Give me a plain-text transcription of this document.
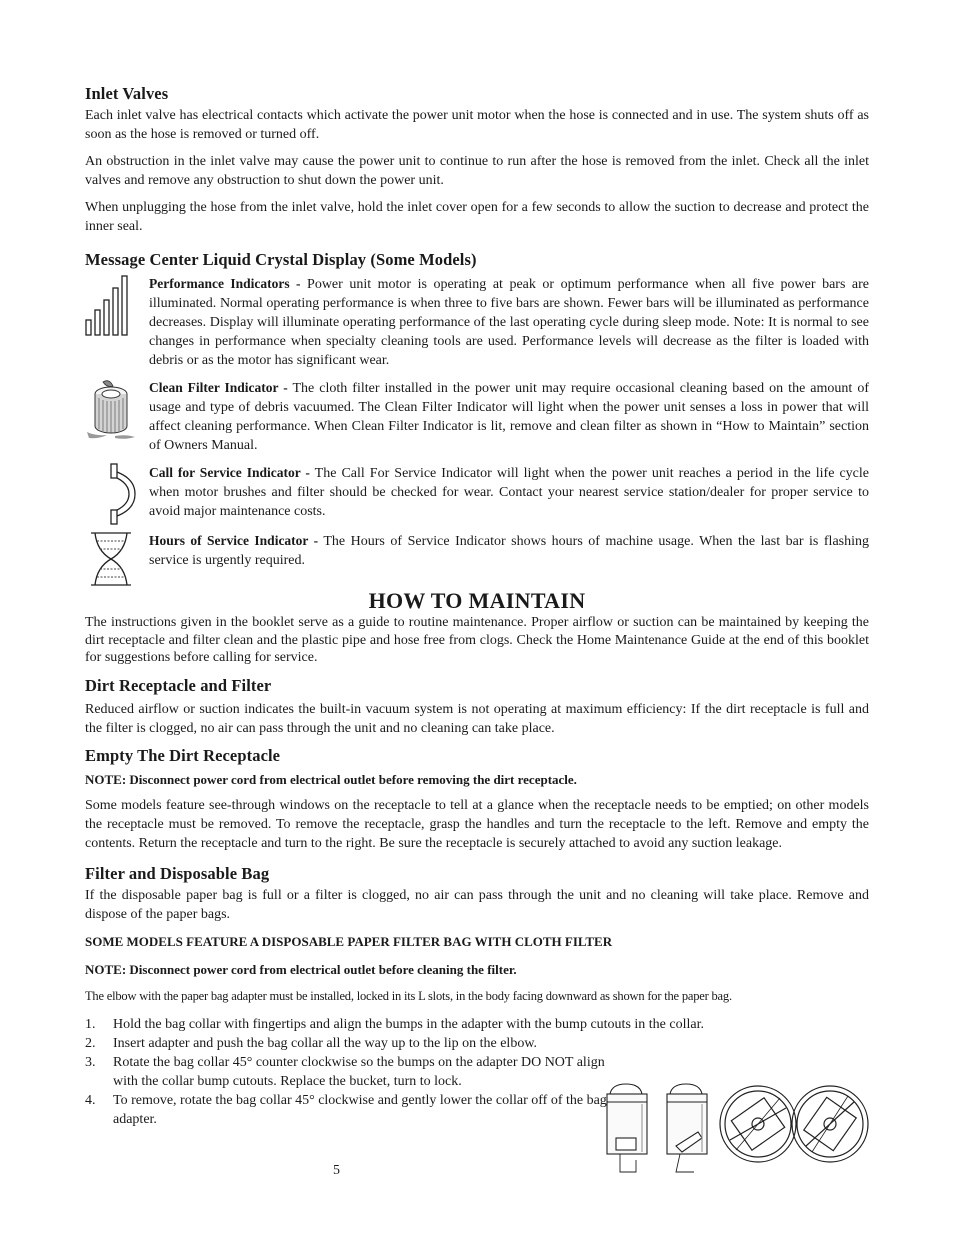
Inlet Valves

Each inlet valve has electrical contacts which activate the power unit motor when the hose is connected and in use. The system shuts off as soon as the hose is removed or turned off.

An obstruction in the inlet valve may cause the power unit to continue to run after the hose is removed from the inlet. Check all the inlet valves and remove any obstruction to shut down the power unit.

When unplugging the hose from the inlet valve, hold the inlet cover open for a few seconds to allow the suction to decrease and protect the inner seal.

Message Center Liquid Crystal Display (Some Models)

Performance Indicators - Power unit motor is operating at peak or optimum performance when all five power bars are illuminated. Normal operating performance is when three to five bars are shown. Fewer bars will be illuminated as performance decreases. Display will illuminate operating performance of the last operating cycle during sleep mode. Note: It is normal to see changes in performance when specialty cleaning tools are used. Performance levels will decrease as the filter is loaded with debris or as the motor has significant wear.

Clean Filter Indicator - The cloth filter installed in the power unit may require occasional cleaning based on the amount of usage and type of debris vacuumed. The Clean Filter Indicator will light when the power unit senses a loss in power that will affect cleaning performance. When Clean Filter Indicator is lit, remove and clean filter as shown in “How to Maintain” section of Owners Manual.

Call for Service Indicator - The Call For Service Indicator will light when the power unit reaches a period in the life cycle when motor brushes and filter should be checked for wear. Contact your nearest service station/dealer for proper service to avoid major maintenance costs.

Hours of Service Indicator - The Hours of Service Indicator shows hours of machine usage. When the last bar is flashing service is urgently required.

HOW TO MAINTAIN

The instructions given in the booklet serve as a guide to routine maintenance. Proper airflow or suction can be maintained by keeping the dirt receptacle and filter clean and the plastic pipe and hose free from clogs. Check the Home Maintenance Guide at the end of this booklet for suggestions before calling for service.

Dirt Receptacle and Filter

Reduced airflow or suction indicates the built-in vacuum system is not operating at maximum efficiency: If the dirt receptacle is full and the filter is clogged, no air can pass through the unit and no cleaning can take place.

Empty The Dirt Receptacle
NOTE: Disconnect power cord from electrical outlet before removing the dirt receptacle.

Some models feature see-through windows on the receptacle to tell at a glance when the receptacle needs to be emptied; on other models the receptacle must be removed. To remove the receptacle, grasp the handles and turn the receptacle to the left. Remove and empty the contents. Return the receptacle and turn to the right. Be sure the receptacle is securely attached to avoid any suction leakage.

Filter and Disposable Bag

If the disposable paper bag is full or a filter is clogged, no air can pass through the unit and no cleaning will take place. Remove and dispose of the paper bags.

SOME MODELS FEATURE A DISPOSABLE PAPER FILTER BAG WITH CLOTH FILTER
NOTE: Disconnect power cord from electrical outlet before cleaning the filter.

The elbow with the paper bag adapter must be installed, locked in its L slots, in the body facing downward as shown for the paper bag.

1. Hold the bag collar with fingertips and align the bumps in the adapter with the bump cutouts in the collar.
2. Insert adapter and push the bag collar all the way up to the lip on the elbow.
3. Rotate the bag collar 45° counter clockwise so the bumps on the adapter DO NOT align with the collar bump cutouts. Replace the bucket, turn to lock.
4. To remove, rotate the bag collar 45° clockwise and gently lower the collar off of the bag adapter.
5
